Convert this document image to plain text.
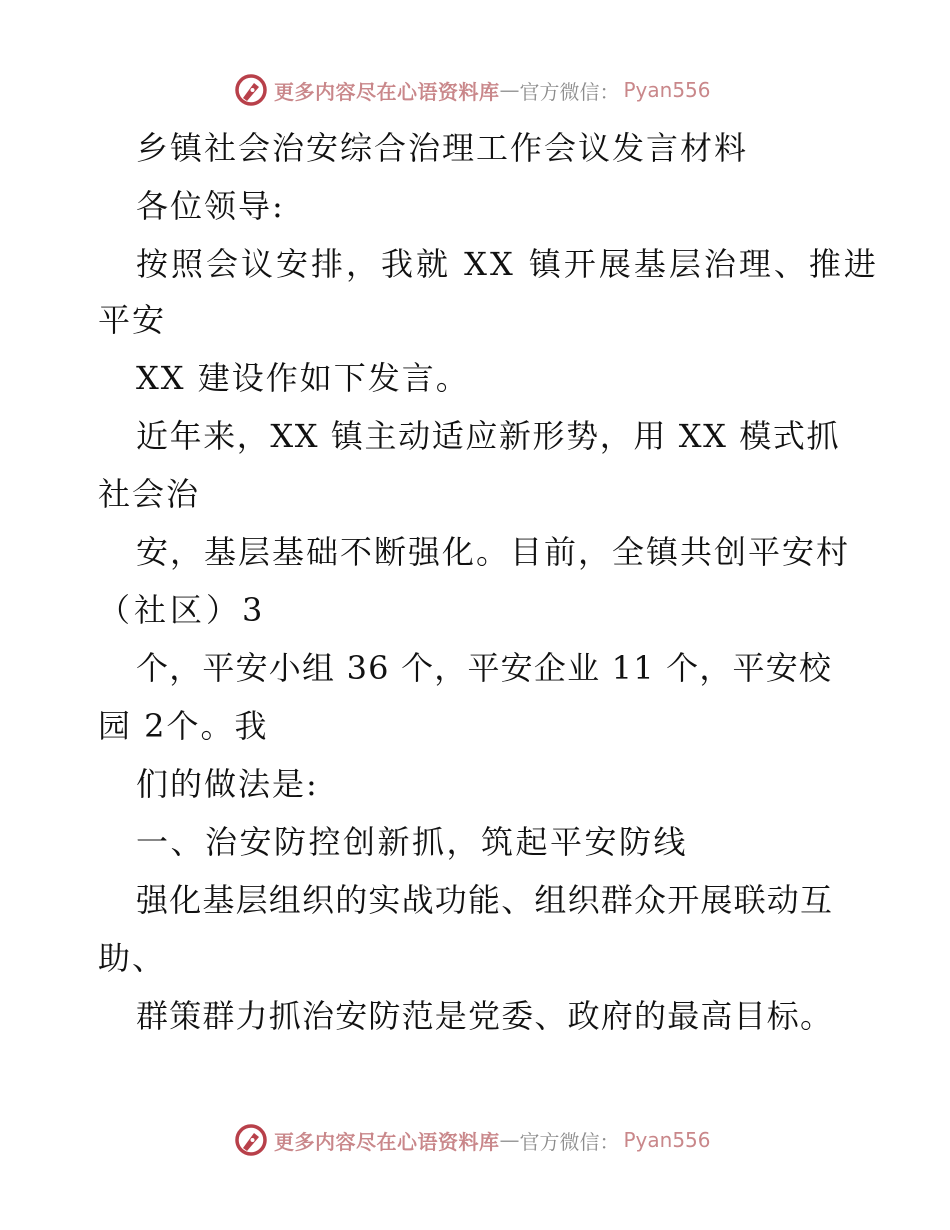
更多内容尽在心语资料库 — 官方微信： Pyan556
乡镇社会治安综合治理工作会议发言材料
各位领导:
按照会议安排，我就 XX 镇开展基层治理、推进
平安
XX 建设作如下发言。
近年来，XX 镇主动适应新形势，用 XX 模式抓
社会治
安，基层基础不断强化。目前，全镇共创平安村
（社区）3
个，平安小组 36 个，平安企业 11 个，平安校
园 2个。我
们的做法是:
一、治安防控创新抓，筑起平安防线
强化基层组织的实战功能、组织群众开展联动互
助、
群策群力抓治安防范是党委、政府的最高目标。
更多内容尽在心语资料库 — 官方微信： Pyan556
